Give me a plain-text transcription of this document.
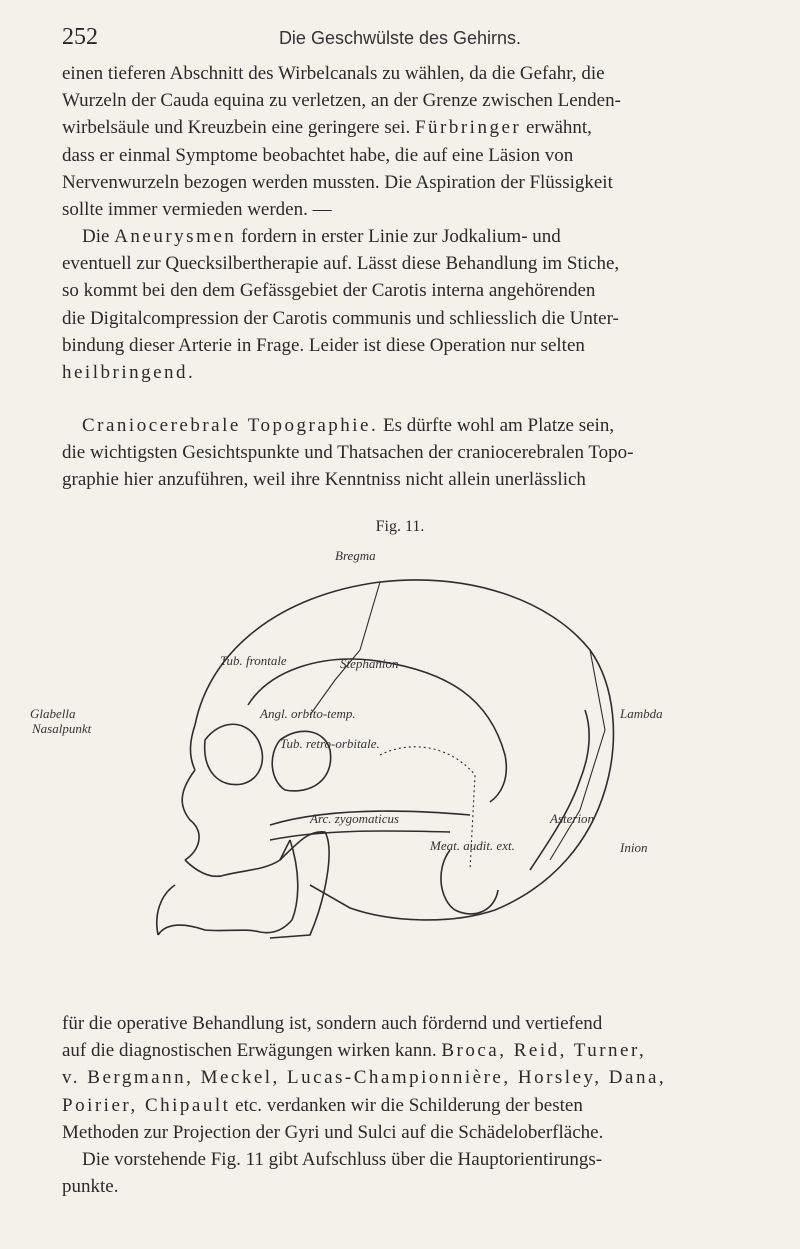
252	Die Geschwülste des Gehirns.
einen tieferen Abschnitt des Wirbelcanals zu wählen, da die Gefahr, die
Wurzeln der Cauda equina zu verletzen, an der Grenze zwischen Lenden-
wirbelsäule und Kreuzbein eine geringere sei. Fürbringer erwähnt,
dass er einmal Symptome beobachtet habe, die auf eine Läsion von
Nervenwurzeln bezogen werden mussten. Die Aspiration der Flüssigkeit
sollte immer vermieden werden. —
Die Aneurysmen fordern in erster Linie zur Jodkalium- und
eventuell zur Quecksilbertherapie auf. Lässt diese Behandlung im Stiche,
so kommt bei den dem Gefässgebiet der Carotis interna angehörenden
die Digitalcompression der Carotis communis und schliesslich die Unter-
bindung dieser Arterie in Frage. Leider ist diese Operation nur selten
heilbringend.
Craniocerebrale Topographie. Es dürfte wohl am Platze sein,
die wichtigsten Gesichtspunkte und Thatsachen der craniocerebralen Topo-
graphie hier anzuführen, weil ihre Kenntniss nicht allein unerlässlich
Fig. 11.
Bregma
Tub. frontale	Stephanion
Glabella
Nasalpunkt
Angl. orbito-temp.
Tub. retro-orbitale.
Lambda
Arc. zygomaticus	Asterion
Meat. audit. ext.	Inion
für die operative Behandlung ist, sondern auch fördernd und vertiefend
auf die diagnostischen Erwägungen wirken kann. Broca, Reid, Turner,
v. Bergmann, Meckel, Lucas-Championnière, Horsley, Dana,
Poirier, Chipault etc. verdanken wir die Schilderung der besten
Methoden zur Projection der Gyri und Sulci auf die Schädeloberfläche.
Die vorstehende Fig. 11 gibt Aufschluss über die Hauptorientirungs-
punkte.
